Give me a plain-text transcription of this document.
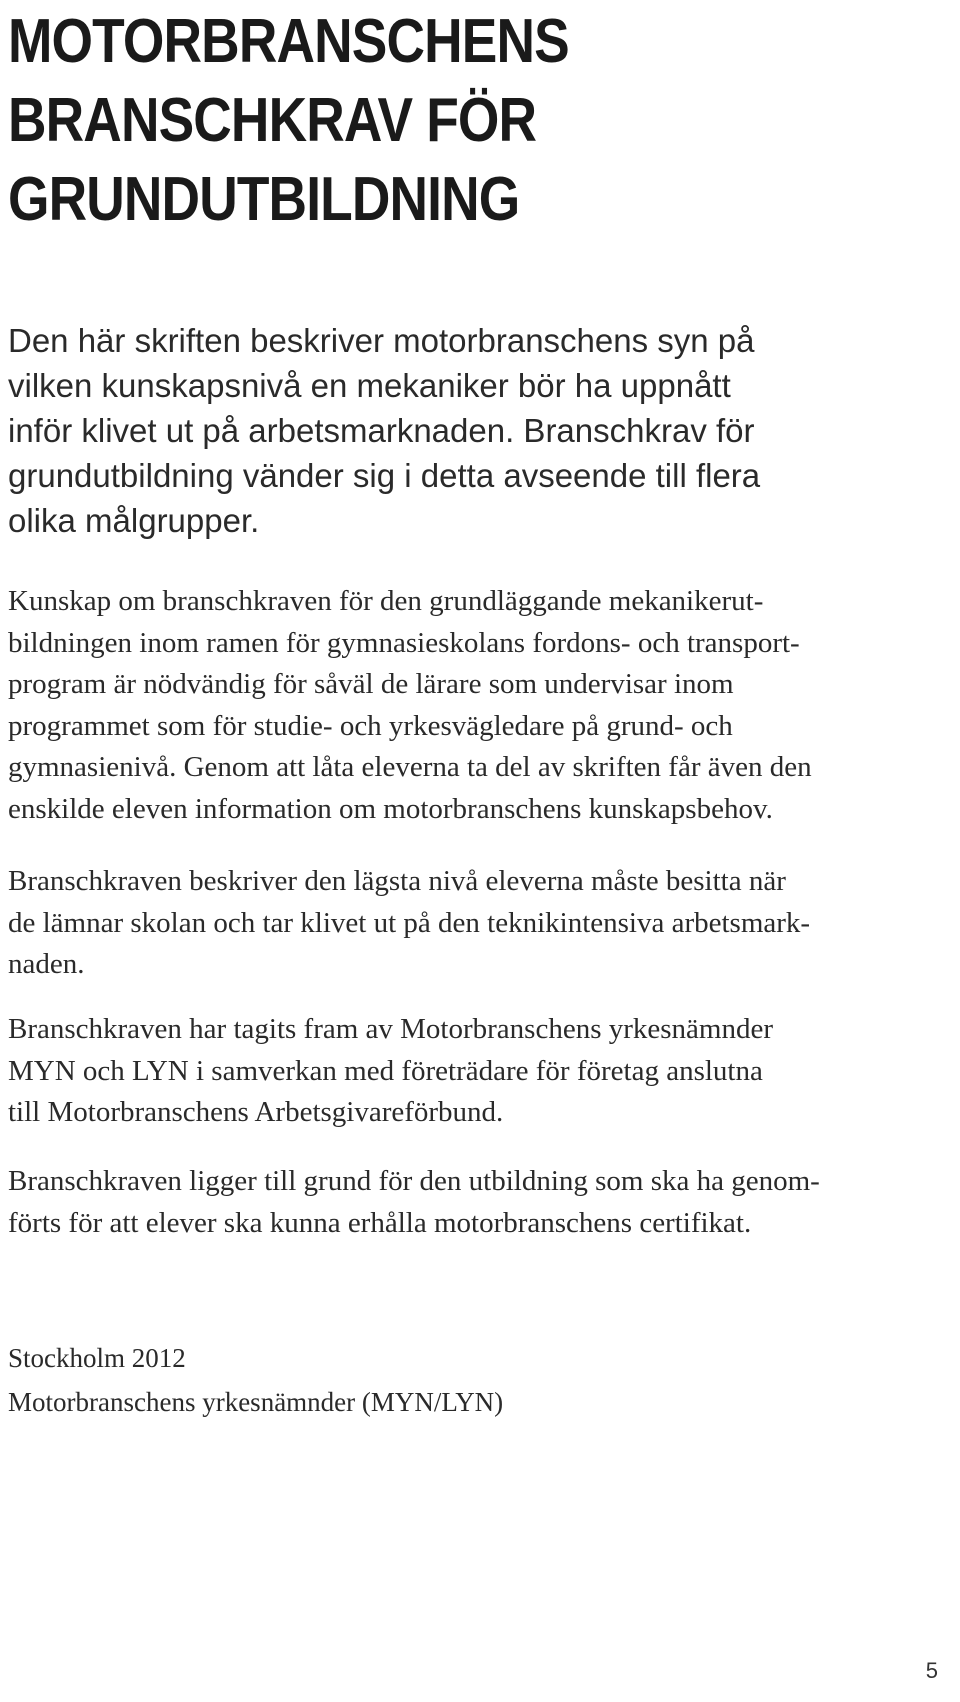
MOTORBRANSCHENS
BRANSCHKRAV FÖR
GRUNDUTBILDNING

Den här skriften beskriver motorbranschens syn på
vilken kunskapsnivå en mekaniker bör ha uppnått
inför klivet ut på arbetsmarknaden. Branschkrav för
grundutbildning vänder sig i detta avseende till flera
olika målgrupper.

Kunskap om branschkraven för den grundläggande mekanikerut-
bildningen inom ramen för gymnasieskolans fordons- och transport-
program är nödvändig för såväl de lärare som undervisar inom
programmet som för studie- och yrkesvägledare på grund- och
gymnasienivå. Genom att låta eleverna ta del av skriften får även den
enskilde eleven information om motorbranschens kunskapsbehov.

Branschkraven beskriver den lägsta nivå eleverna måste besitta när
de lämnar skolan och tar klivet ut på den teknikintensiva arbetsmark-
naden.

Branschkraven har tagits fram av Motorbranschens yrkesnämnder
MYN och LYN i samverkan med företrädare för företag anslutna
till Motorbranschens Arbetsgivareförbund.

Branschkraven ligger till grund för den utbildning som ska ha genom-
förts för att elever ska kunna erhålla motorbranschens certifikat.

Stockholm 2012
Motorbranschens yrkesnämnder (MYN/LYN)
5
